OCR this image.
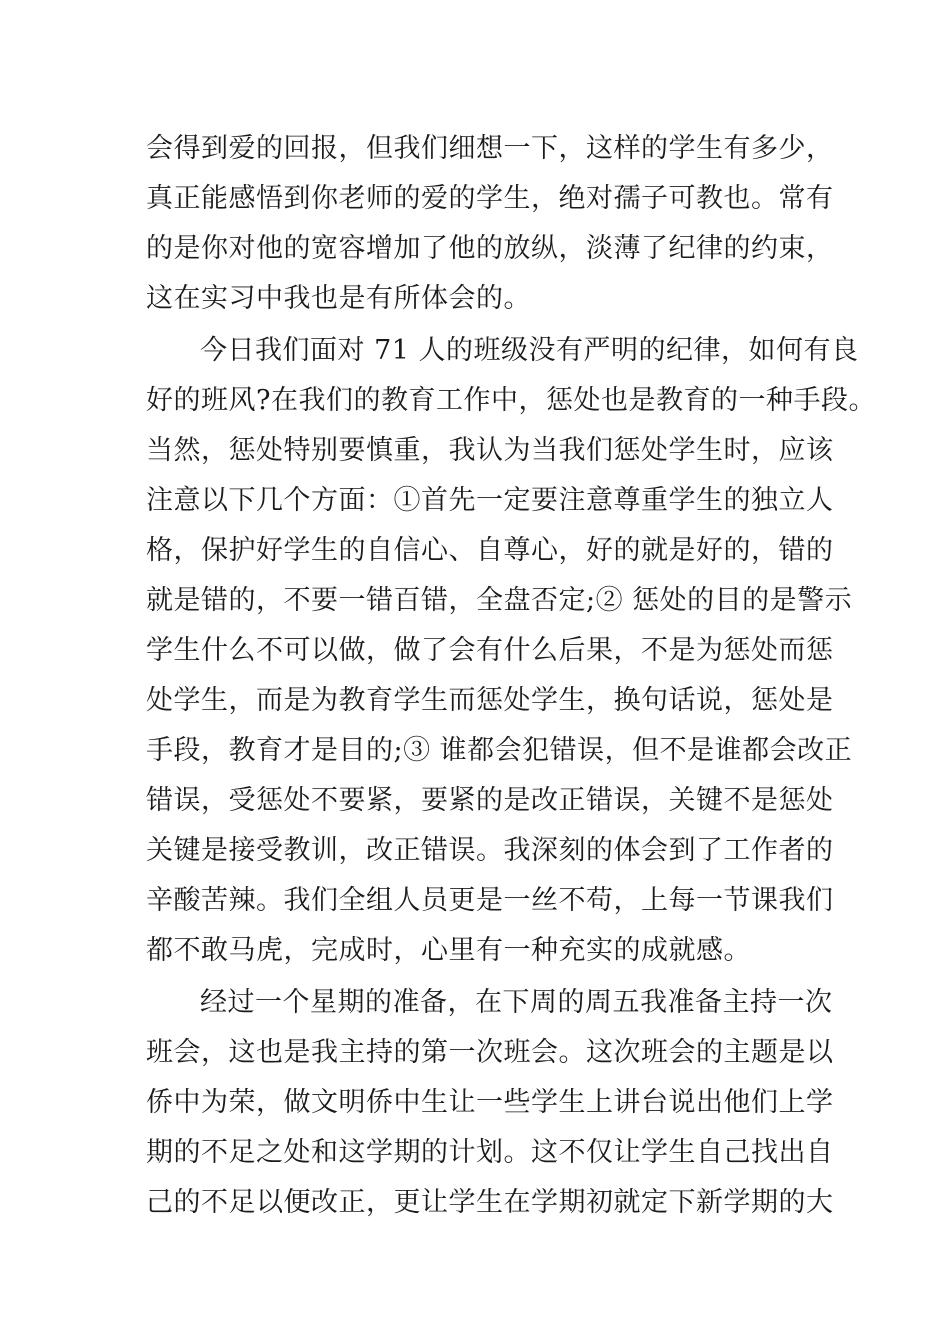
会得到爱的回报，但我们细想一下，这样的学生有多少，
真正能感悟到你老师的爱的学生，绝对孺子可教也。常有
的是你对他的宽容增加了他的放纵，淡薄了纪律的约束，
这在实习中我也是有所体会的。
今日我们面对 71 人的班级没有严明的纪律，如何有良
好的班风?在我们的教育工作中，惩处也是教育的一种手段。
当然，惩处特别要慎重，我认为当我们惩处学生时，应该
注意以下几个方面：①首先一定要注意尊重学生的独立人
格，保护好学生的自信心、自尊心，好的就是好的，错的
就是错的，不要一错百错，全盘否定;② 惩处的目的是警示
学生什么不可以做，做了会有什么后果，不是为惩处而惩
处学生，而是为教育学生而惩处学生，换句话说，惩处是
手段，教育才是目的;③ 谁都会犯错误，但不是谁都会改正
错误，受惩处不要紧，要紧的是改正错误，关键不是惩处
关键是接受教训，改正错误。我深刻的体会到了工作者的
辛酸苦辣。我们全组人员更是一丝不苟，上每一节课我们
都不敢马虎，完成时，心里有一种充实的成就感。
经过一个星期的准备，在下周的周五我准备主持一次
班会，这也是我主持的第一次班会。这次班会的主题是以
侨中为荣，做文明侨中生让一些学生上讲台说出他们上学
期的不足之处和这学期的计划。这不仅让学生自己找出自
己的不足以便改正，更让学生在学期初就定下新学期的大
